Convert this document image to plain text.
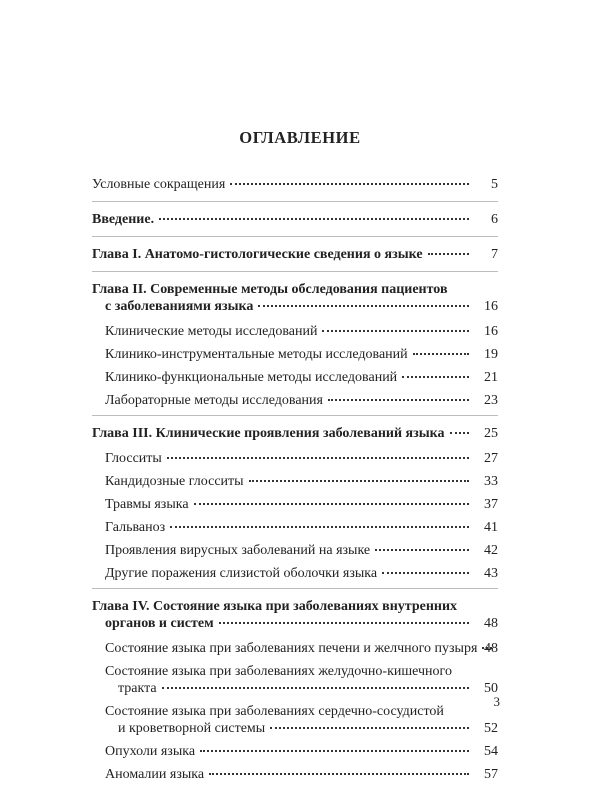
ОГЛАВЛЕНИЕ
Условные сокращения	5
Введение.	6
Глава I. Анатомо-гистологические сведения о языке	7
Глава II. Современные методы обследования пациентов
с заболеваниями языка	16
Клинические методы исследований	16
Клинико-инструментальные методы исследований	19
Клинико-функциональные методы исследований	21
Лабораторные методы исследования	23
Глава III. Клинические проявления заболеваний языка	25
Глосситы	27
Кандидозные глосситы	33
Травмы языка	37
Гальваноз	41
Проявления вирусных заболеваний на языке	42
Другие поражения слизистой оболочки языка	43
Глава IV. Состояние языка при заболеваниях внутренних
органов и систем	48
Состояние языка при заболеваниях печени и желчного пузыря 48
Состояние языка при заболеваниях желудочно-кишечного
тракта	50
Состояние языка при заболеваниях сердечно-сосудистой
и кроветворной системы	52
Опухоли языка	54
Аномалии языка	57
3
